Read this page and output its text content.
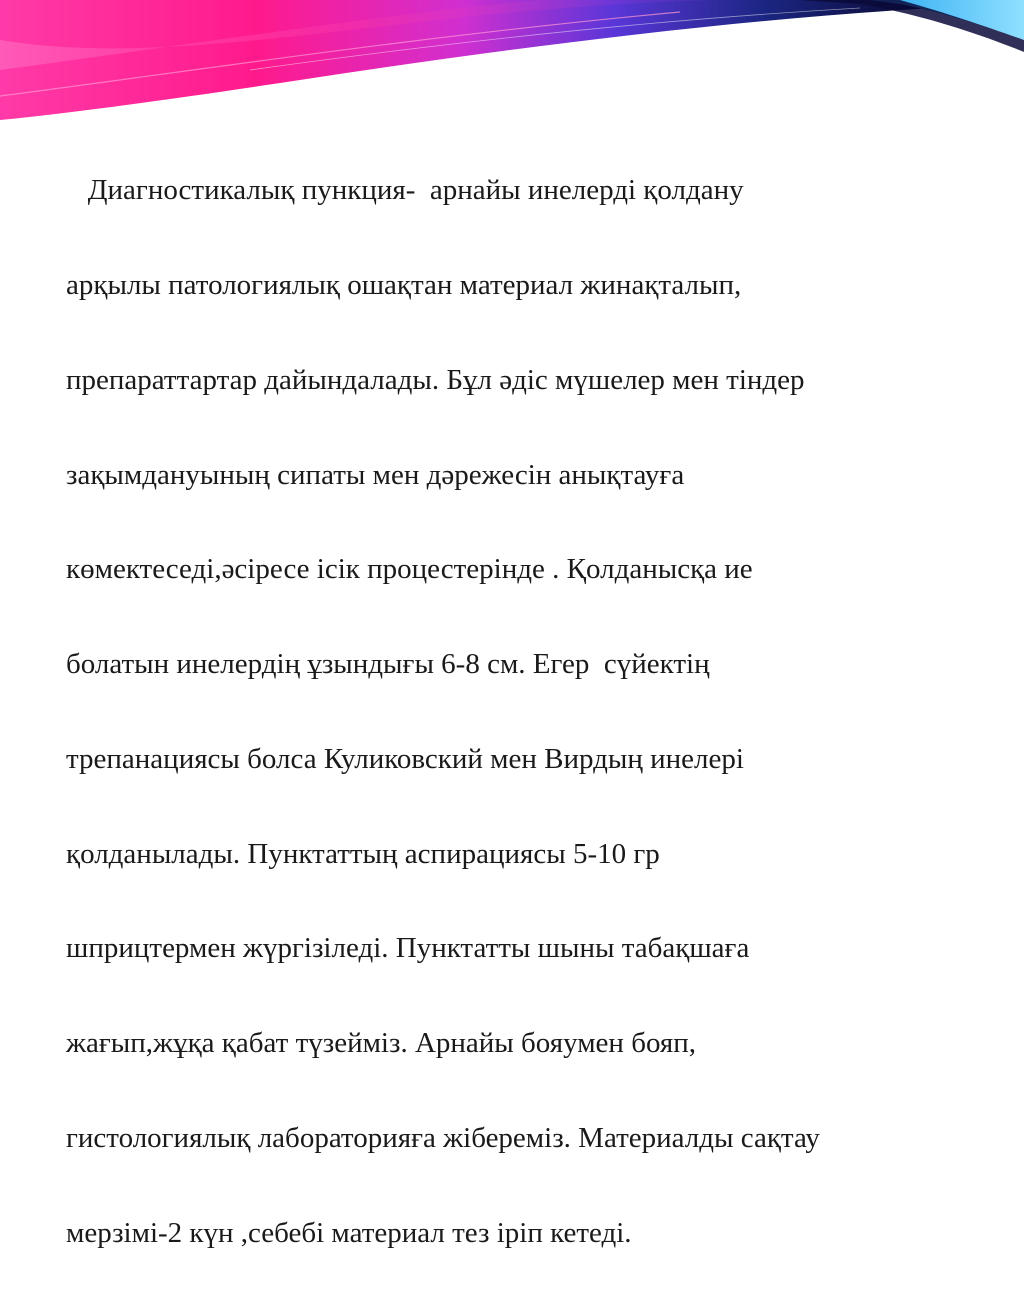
Диагностикалық пункция-  арнайы инелерді қолдану

арқылы патологиялық ошақтан материал жинақталып,

препараттартар дайындалады. Бұл әдіс мүшелер мен тіндер

зақымдануының сипаты мен дәрежесін анықтауға

көмектеседі,әсіресе ісік процестерінде . Қолданысқа ие

болатын инелердің ұзындығы 6-8 см. Егер  сүйектің

трепанациясы болса Куликовский мен Вирдың инелері

қолданылады. Пунктаттың аспирациясы 5-10 гр

шприцтермен жүргізіледі. Пунктатты шыны табақшаға

жағып,жұқа қабат түзейміз. Арнайы бояумен бояп,

гистологиялық лабораторияға жібереміз. Материалды сақтау

мерзімі-2 күн ,себебі материал тез іріп кетеді.
